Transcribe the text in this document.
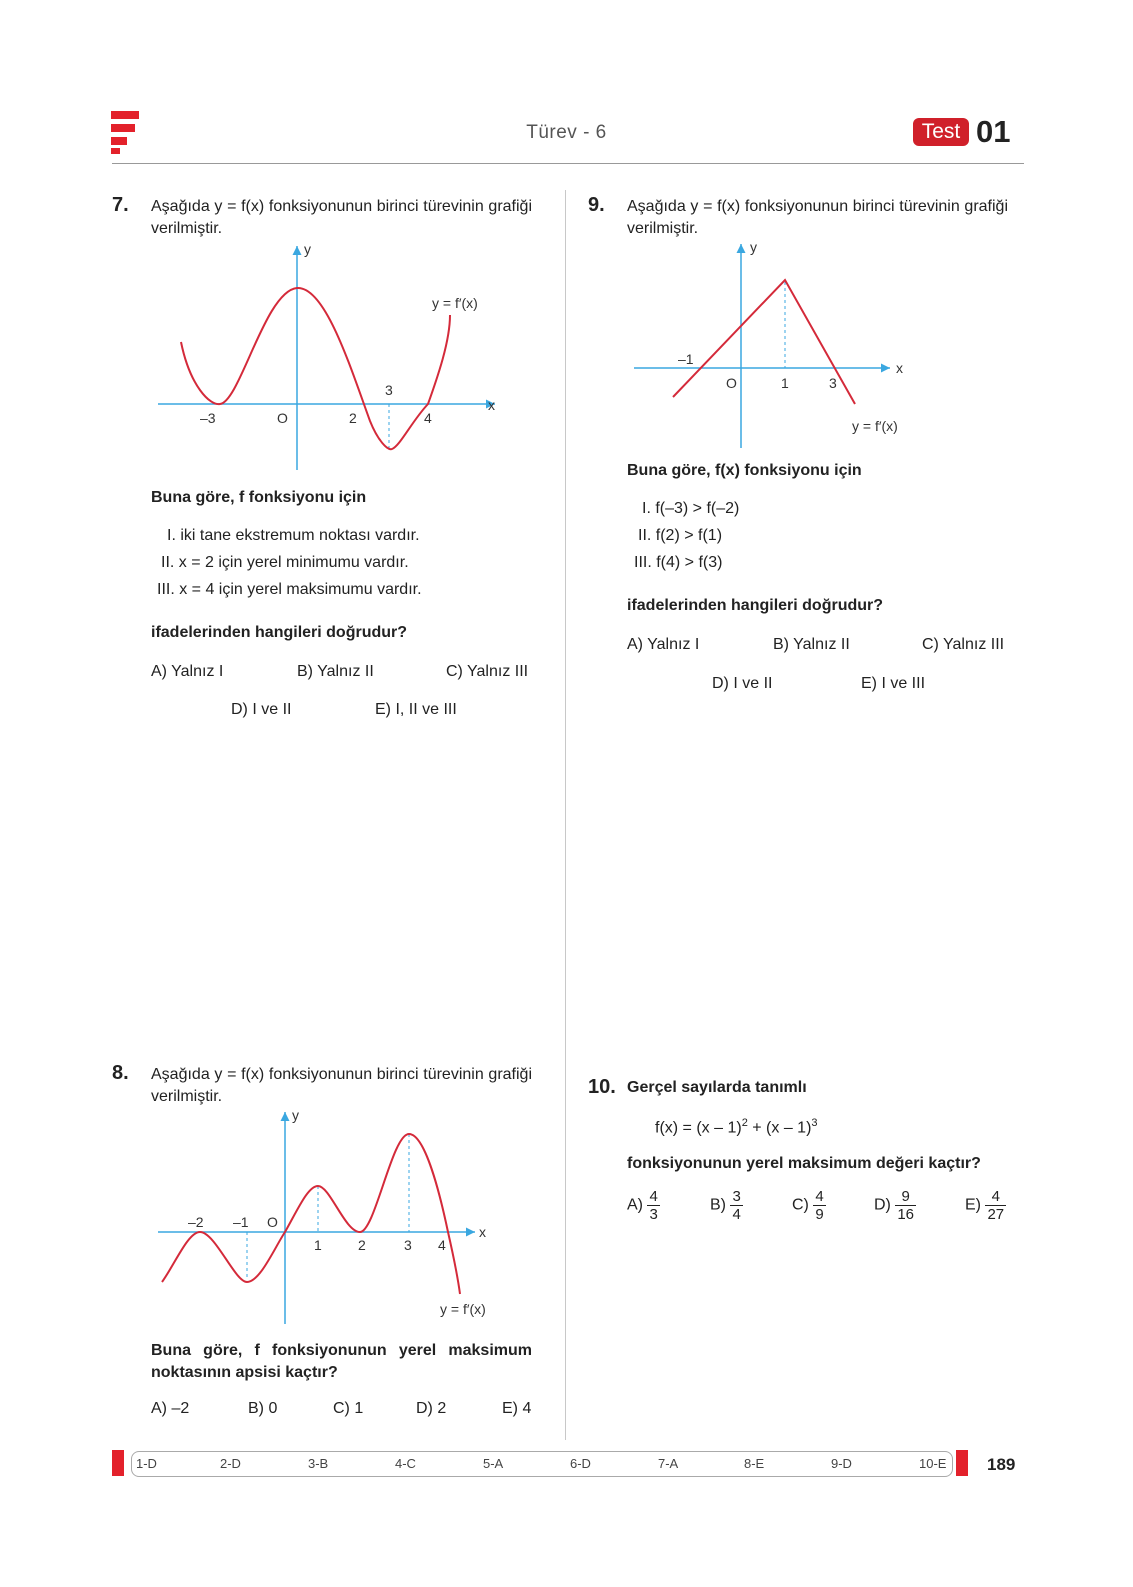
Türev - 6	Test 01
7. Aşağıda y = f(x) fonksiyonunun birinci türevinin grafiği verilmiştir.
y
x
y = f′(x)
O
–3	2
3
4
Buna göre, f fonksiyonu için
I. iki tane ekstremum noktası vardır.
II. x = 2 için yerel minimumu vardır.
III. x = 4 için yerel maksimumu vardır.
ifadelerinden hangileri doğrudur?
A) Yalnız I	B) Yalnız II	C) Yalnız III
D) I ve II	E) I, II ve III
9. Aşağıda y = f(x) fonksiyonunun birinci türevinin grafiği verilmiştir.
y
x
–1
O	1	3
y = f′(x)
Buna göre, f(x) fonksiyonu için
I. f(–3) > f(–2)
II. f(2) > f(1)
III. f(4) > f(3)
ifadelerinden hangileri doğrudur?
A) Yalnız I	B) Yalnız II	C) Yalnız III
D) I ve II	E) I ve III
8. Aşağıda y = f(x) fonksiyonunun birinci türevinin grafiği verilmiştir.
y
x
–2 –1 O
1	2	3 4
y = f′(x)
Buna göre, f fonksiyonunun yerel maksimum noktasının apsisi kaçtır?
A) –2	B) 0	C) 1	D) 2	E) 4
10. Gerçel sayılarda tanımlı
f(x) = (x – 1)$^2$ + (x – 1)$^3$
fonksiyonunun yerel maksimum değeri kaçtır?
$A) \frac{4}{3}$	$B) \frac{3}{4}$	$C) \frac{4}{9}$	$D) \frac{9}{16}$	$E) \frac{4}{27}$
1-D	2-D	3-B	4-C	5-A	6-D	7-A	8-E	9-D	10-E 189
